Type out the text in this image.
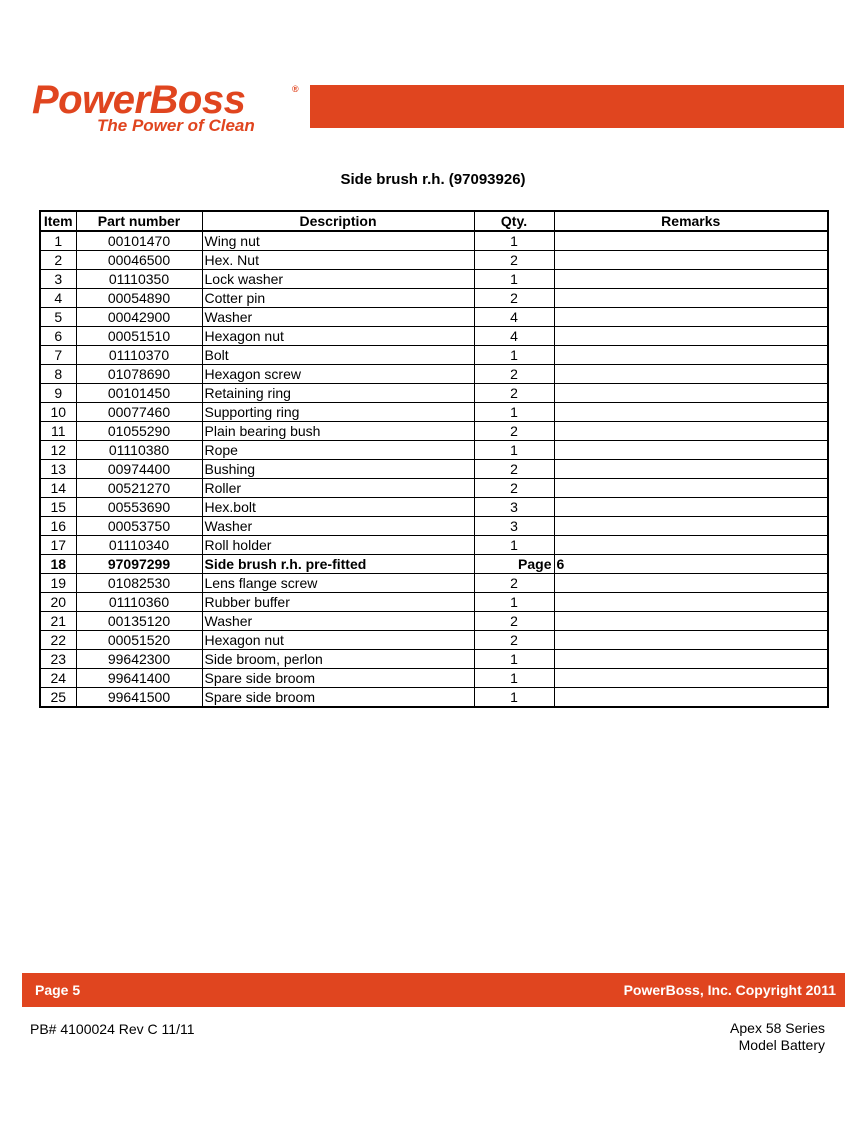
PowerBoss	®
The Power of Clean
Side brush r.h. (97093926)
Item	Part number	Description	Qty.	Remarks
1	00101470	Wing nut	1	
2	00046500	Hex. Nut	2	
3	01110350	Lock washer	1	
4	00054890	Cotter pin	2	
5	00042900	Washer	4	
6	00051510	Hexagon nut	4	
7	01110370	Bolt	1	
8	01078690	Hexagon screw	2	
9	00101450	Retaining ring	2	
10	00077460	Supporting ring	1	
11	01055290	Plain bearing bush	2	
12	01110380	Rope	1	
13	00974400	Bushing	2	
14	00521270	Roller	2	
15	00553690	Hex.bolt	3	
16	00053750	Washer	3	
17	01110340	Roll holder	1	
18	97097299	Side brush r.h. pre-fitted	Page	6
19	01082530	Lens flange screw	2	
20	01110360	Rubber buffer	1	
21	00135120	Washer	2	
22	00051520	Hexagon nut	2	
23	99642300	Side broom, perlon	1	
24	99641400	Spare side broom	1	
25	99641500	Spare side broom	1	
Page 5	PowerBoss, Inc. Copyright 2011
PB# 4100024 Rev C 11/11	Apex 58 Series
Model Battery
